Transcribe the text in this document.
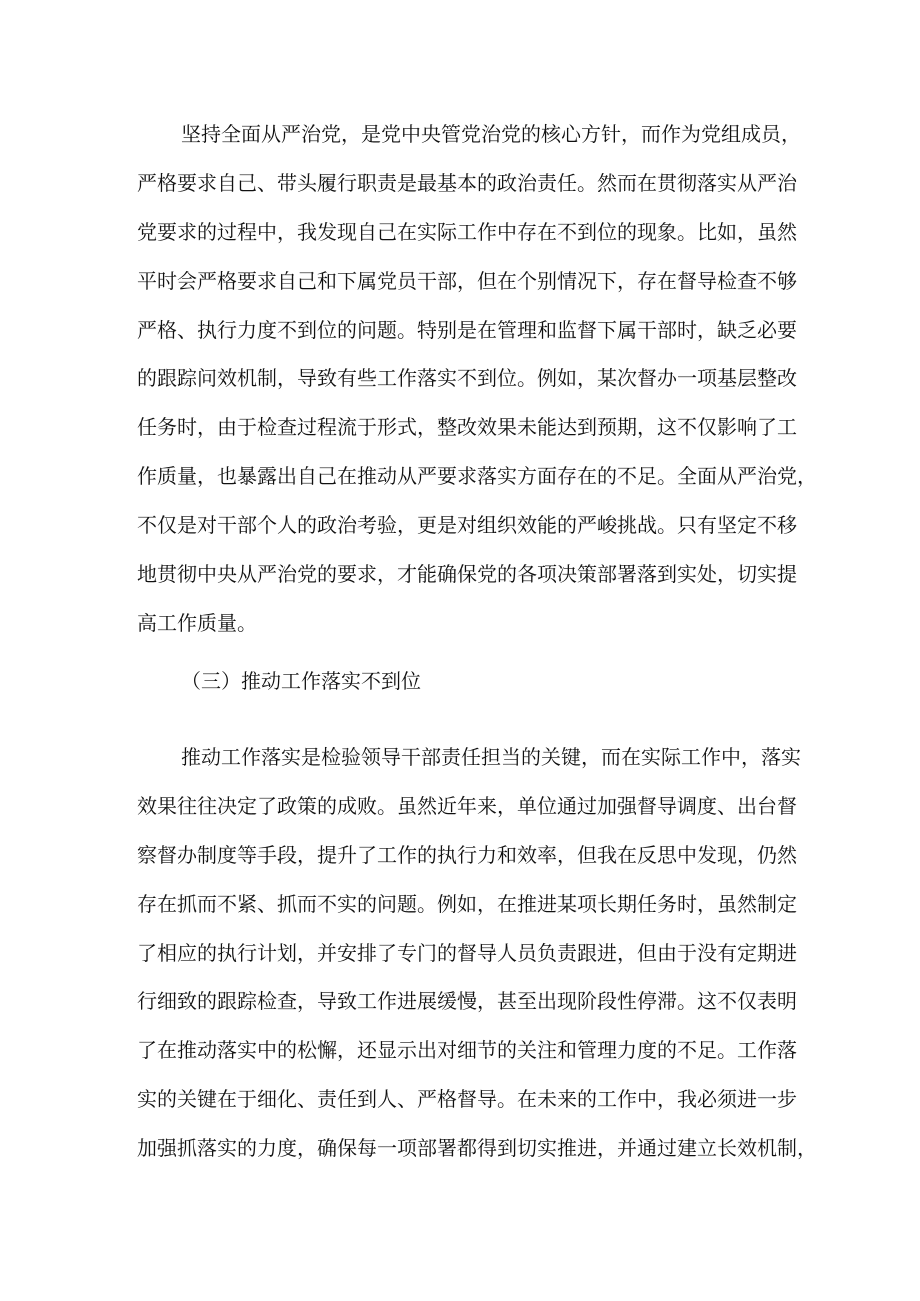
坚持全面从严治党，是党中央管党治党的核心方针，而作为党组成员，
严格要求自己、带头履行职责是最基本的政治责任。然而在贯彻落实从严治
党要求的过程中，我发现自己在实际工作中存在不到位的现象。比如，虽然
平时会严格要求自己和下属党员干部，但在个别情况下，存在督导检查不够
严格、执行力度不到位的问题。特别是在管理和监督下属干部时，缺乏必要
的跟踪问效机制，导致有些工作落实不到位。例如，某次督办一项基层整改
任务时，由于检查过程流于形式，整改效果未能达到预期，这不仅影响了工
作质量，也暴露出自己在推动从严要求落实方面存在的不足。全面从严治党，
不仅是对干部个人的政治考验，更是对组织效能的严峻挑战。只有坚定不移
地贯彻中央从严治党的要求，才能确保党的各项决策部署落到实处，切实提
高工作质量。
（三）推动工作落实不到位
推动工作落实是检验领导干部责任担当的关键，而在实际工作中，落实
效果往往决定了政策的成败。虽然近年来，单位通过加强督导调度、出台督
察督办制度等手段，提升了工作的执行力和效率，但我在反思中发现，仍然
存在抓而不紧、抓而不实的问题。例如，在推进某项长期任务时，虽然制定
了相应的执行计划，并安排了专门的督导人员负责跟进，但由于没有定期进
行细致的跟踪检查，导致工作进展缓慢，甚至出现阶段性停滞。这不仅表明
了在推动落实中的松懈，还显示出对细节的关注和管理力度的不足。工作落
实的关键在于细化、责任到人、严格督导。在未来的工作中，我必须进一步
加强抓落实的力度，确保每一项部署都得到切实推进，并通过建立长效机制，
